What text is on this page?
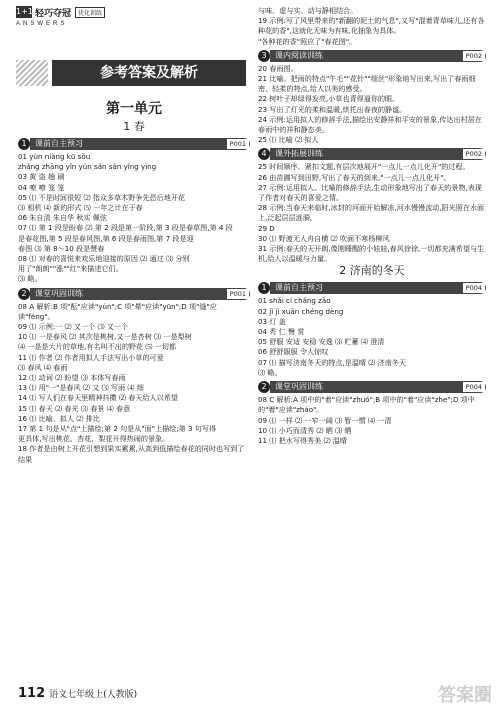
1+1 轻巧夺冠	优化训练
ANSWERS
参考答案及解析
第一单元
1 春
1	课前自主预习	P001
01 yùn niàng kū sǒu
zhǎng zhāng yǐn yǔn sǎn sàn yǐng yìng
03 黄 盗 趟 刷
04 嘹 嘹 笼 笼
05 ⑴ 不是时间很短 ⑵ 指众多草木野争先恐后地开花
⑶ 相机 ⑷ 新的形式 ⑸ 一年之计在于春
06 朱自清 朱自华 秋实 佩弦
07 ⑴ 第 1 段是盼春 ⑵ 第 2 段是第一阶段,第 3 段是春草图,第 4 段
是春花图,第 5 段是春风图,第 6 段是春雨图,第 7 段是迎
春图 ⑶ 第 8～10 段是赞春
08 ⑴ 对春的喜悦来欢乐地迎接的原因 ⑵ 通过 ⑶ 分别
用了"朗朗""涨""红"来描述它们。
⑶ 略。
2	课堂巩固训练	P001
08 A 解析:B 项"酝"应读"yùn";C 项"晕"应读"yūn";D 项"缝"应读"féng"。
09 ⑴ 示例:一 ⑵ 又一个 ⑶ 又一个
10 ⑴ 一是春风 ⑵ 其次是桃树,又一是杏树 ⑶ 一是梨树
⑷ 一是是大片的草地,有名叫不出的野花 ⑸ 一切都
11 ⑴ 作者 ⑵ 作者用拟人手法写出小草的可爱
⑶ 春风 ⑷ 春雨
12 ⑴ 动词 ⑵ 盼望 ⑶ 本体写春雨
13 ⑴ 用"一"是春风 ⑵ 又 ⑶ 写雨 ⑷ 细
14 ⑴ 写人们在春天里精神抖擞 ⑵ 春天给人以希望
15 ⑴ 春天 ⑵ 春光 ⑶ 春景 ⑷ 春意
16 ⑴ 比喻、拟人 ⑵ 排比
17 第 1 句是从"点"上描绘;第 2 句是从"面"上描绘;第 3 句写得
更具体,写出桃花、杏花、梨花开得热闹的景象。
18 作者是由树上开花引想到果实累累,从高到低描绘春花的同时也写到了结果
与味、虚与实、动与静相结合。
19 示例:写了风里带来的"新翻的泥土的气息",又写"混着青草味儿,还有各种花的香",这就化无味为有味,化抽象为具体。
"各种花的香"照应了"春花图"。
3	课内阅读训练	P002
20 春雨图。
21 比喻。把雨的特点"牛毛""花针""细丝"形象地写出来,写出了春雨细密、轻柔的特点,给人以美的感受。
22 树叶子却绿得发亮,小草也青得逼你的眼。
23 写出了灯光的柔和温暖,烘托出春夜的静谧。
24 示例:运用拟人的修辞手法,描绘出安静祥和平安的景象,传达出村居在春雨中的祥和静态美。
25 ⑴ 比喻 ⑵ 拟人
4	课外拓展训练	P002
25 时间顺序。紧扣文题,有层次地展开"一点儿一点儿化开"的过程。
26 由苗圃写到田野,写出了春天的到来,"一点儿一点儿化开"。
27 示例:运用拟人、比喻的修辞手法,生动形象地写出了春天的景物,表现了作者对春天的喜爱之情。
28 示例:当春天来临时,冰封的河面开始解冻,河水慢慢流动,阳光照在水面上,泛起层层涟漪。
29 D
30 ⑴ 野渡无人舟自横 ⑵ 吹面不寒杨柳风
31 示例:春天的天开朗,像刚睡醒的小娃娃,春风徐徐,一切都充满希望与生机,给人以温暖与力量。
2 济南的冬天
1	课前自主预习	P004
01 shǎi cí chǎng zǎo
02 jǐ jì xuān chéng dèng
03 灯 盖
04 秃 仁 臀 赏
05 舒服 安适 安稳 安逸 ⑶ 贮蓄 ⑷ 澄清
06 舒舒服服 令人惊叹
07 ⑴ 描写济南冬天的特点,是温晴 ⑵ 济南冬天
⑶ 略。
2	课堂巩固训练	P004
08 C 解析:A 项中的"着"应读"zhuó";B 项中的"着"应读"zhe";D 项中的"着"应读"zháo"。
09 ⑴ 一样 ⑵ 一窄一阔 ⑶ 暂一惯 ⑷ 一清
10 ⑴ 小巧而清秀 ⑵ 晒 ⑶ 晒
11 ⑴ 把水写得秀美 ⑵ 温晴
112 语文七年级上(人教版)	答案圈
